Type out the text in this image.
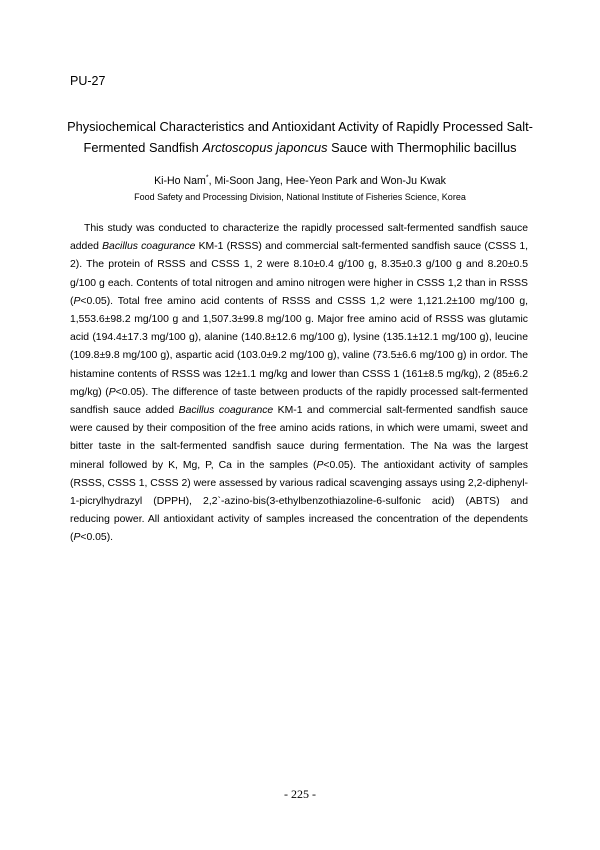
PU-27
Physiochemical Characteristics and Antioxidant Activity of Rapidly Processed Salt-
Fermented Sandfish Arctoscopus japoncus Sauce with Thermophilic bacillus
Ki-Ho Nam*, Mi-Soon Jang, Hee-Yeon Park and Won-Ju Kwak
Food Safety and Processing Division, National Institute of Fisheries Science, Korea

This study was conducted to characterize the rapidly processed salt-fermented sandfish sauce added Bacillus coagurance KM-1 (RSSS) and commercial salt-fermented sandfish sauce (CSSS 1, 2). The protein of RSSS and CSSS 1, 2 were 8.10±0.4 g/100 g, 8.35±0.3 g/100 g and 8.20±0.5 g/100 g each. Contents of total nitrogen and amino nitrogen were higher in CSSS 1,2 than in RSSS (P<0.05). Total free amino acid contents of RSSS and CSSS 1,2 were 1,121.2±100 mg/100 g, 1,553.6±98.2 mg/100 g and 1,507.3±99.8 mg/100 g. Major free amino acid of RSSS was glutamic acid (194.4±17.3 mg/100 g), alanine (140.8±12.6 mg/100 g), lysine (135.1±12.1 mg/100 g), leucine (109.8±9.8 mg/100 g), aspartic acid (103.0±9.2 mg/100 g), valine (73.5±6.6 mg/100 g) in ordor. The histamine contents of RSSS was 12±1.1 mg/kg and lower than CSSS 1 (161±8.5 mg/kg), 2 (85±6.2 mg/kg) (P<0.05). The difference of taste between products of the rapidly processed salt-fermented sandfish sauce added Bacillus coagurance KM-1 and commercial salt-fermented sandfish sauce were caused by their composition of the free amino acids rations, in which were umami, sweet and bitter taste in the salt-fermented sandfish sauce during fermentation. The Na was the largest mineral followed by K, Mg, P, Ca in the samples (P<0.05). The antioxidant activity of samples (RSSS, CSSS 1, CSSS 2) were assessed by various radical scavenging assays using 2,2-diphenyl-1-picrylhydrazyl (DPPH), 2,2`-azino-bis(3-ethylbenzothiazoline-6-sulfonic acid) (ABTS) and reducing power. All antioxidant activity of samples increased the concentration of the dependents (P<0.05).

- 225 -
